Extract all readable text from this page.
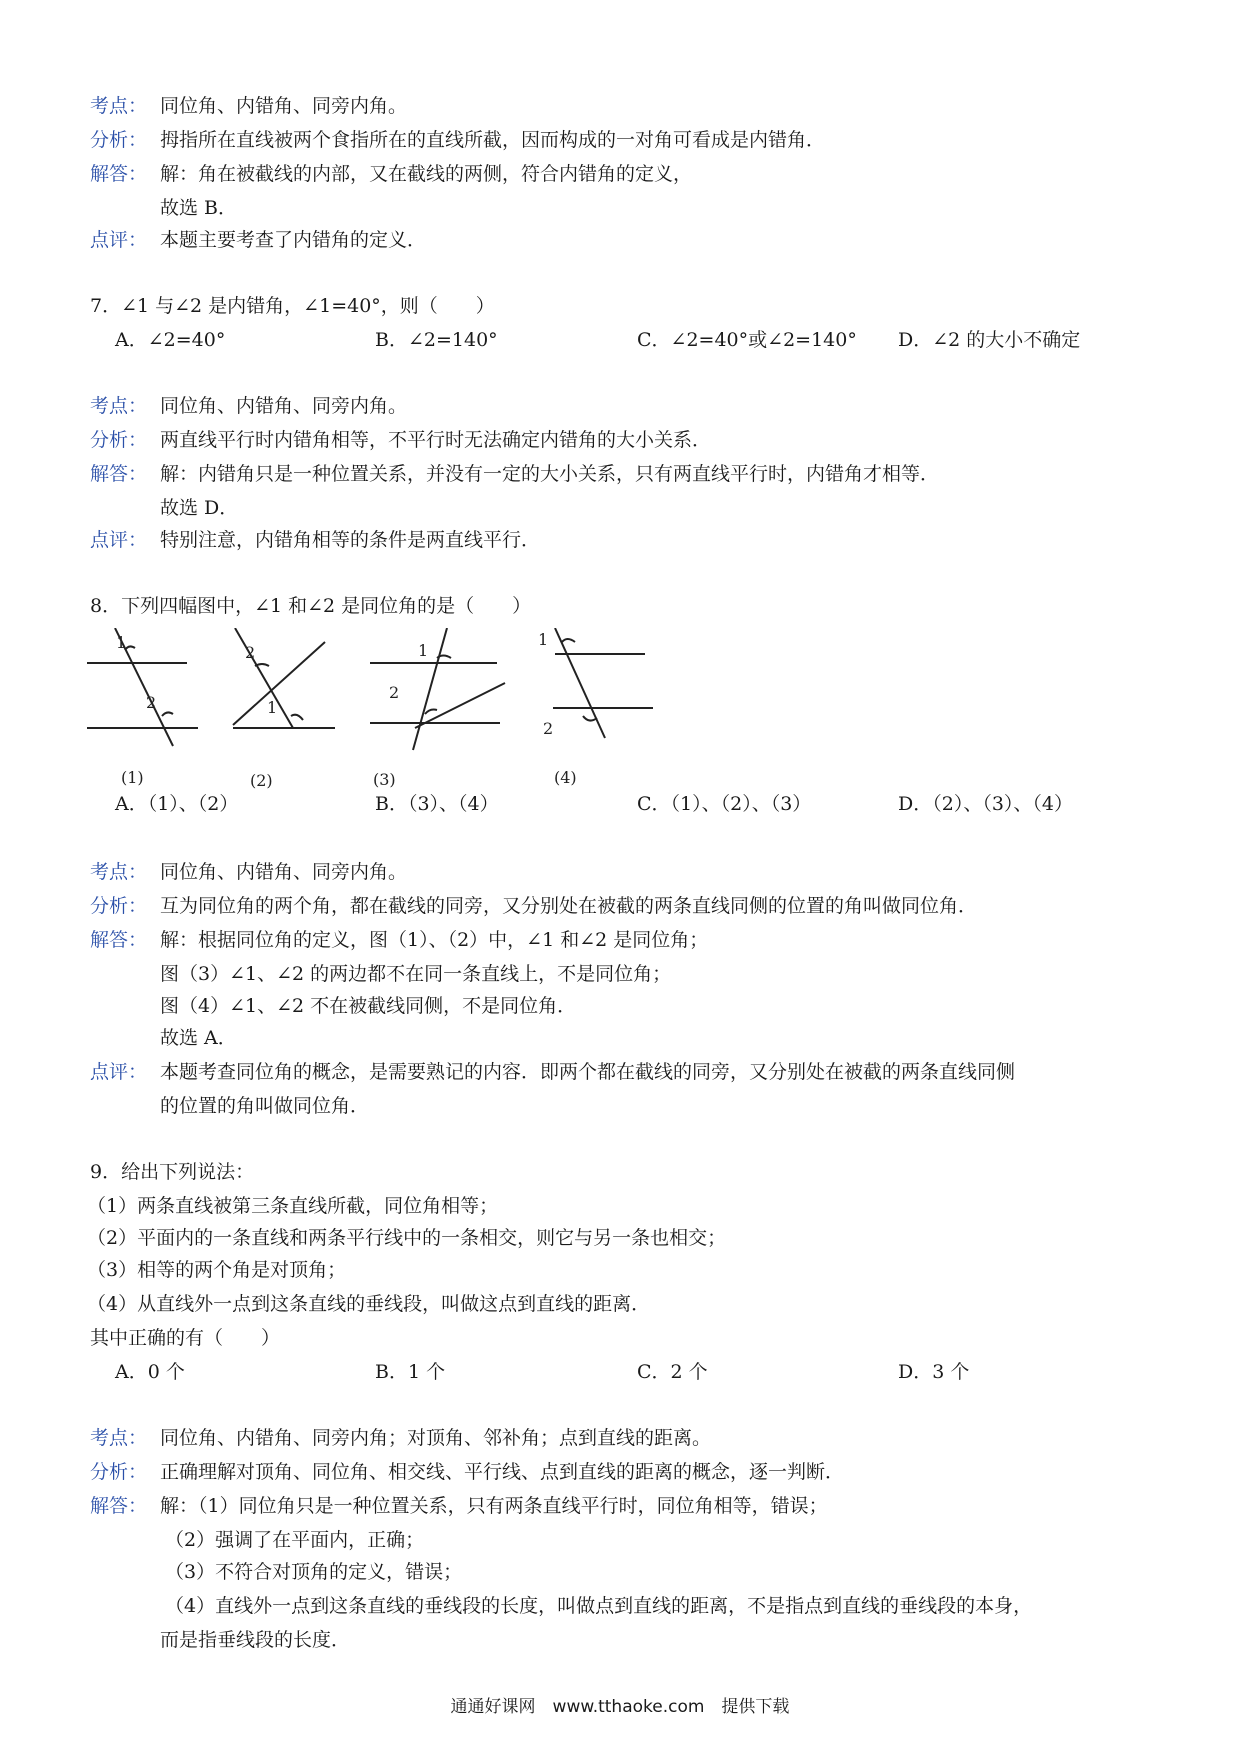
考点： 同位角、内错角、同旁内角。
分析： 拇指所在直线被两个食指所在的直线所截，因而构成的一对角可看成是内错角．
解答： 解：角在被截线的内部，又在截线的两侧，符合内错角的定义，
故选 B．
点评： 本题主要考查了内错角的定义．
7．∠1 与∠2 是内错角，∠1=40°，则（　　）
A．∠2=40°	B．∠2=140°	C．∠2=40°或∠2=140° D．∠2 的大小不确定
考点： 同位角、内错角、同旁内角。
分析： 两直线平行时内错角相等，不平行时无法确定内错角的大小关系．
解答： 解：内错角只是一种位置关系，并没有一定的大小关系，只有两直线平行时，内错角才相等．
故选 D．
点评： 特别注意，内错角相等的条件是两直线平行．
8．下列四幅图中，∠1 和∠2 是同位角的是（　　）
1
2
(1)
2
1
(2)
1
2
(3)
1
2
(4)
A．（1）、（2）	B．（3）、（4）	C．（1）、（2）、（3）	D．（2）、（3）、（4）
考点： 同位角、内错角、同旁内角。
分析： 互为同位角的两个角，都在截线的同旁，又分别处在被截的两条直线同侧的位置的角叫做同位角．
解答： 解：根据同位角的定义，图（1）、（2）中，∠1 和∠2 是同位角；
图（3）∠1、∠2 的两边都不在同一条直线上，不是同位角；
图（4）∠1、∠2 不在被截线同侧，不是同位角．
故选 A．
点评： 本题考查同位角的概念，是需要熟记的内容．即两个都在截线的同旁，又分别处在被截的两条直线同侧
的位置的角叫做同位角．
9．给出下列说法：
（1）两条直线被第三条直线所截，同位角相等；
（2）平面内的一条直线和两条平行线中的一条相交，则它与另一条也相交；
（3）相等的两个角是对顶角；
（4）从直线外一点到这条直线的垂线段，叫做这点到直线的距离．
其中正确的有（　　）
A．0 个	B．1 个	C．2 个	D．3 个
考点： 同位角、内错角、同旁内角；对顶角、邻补角；点到直线的距离。
分析： 正确理解对顶角、同位角、相交线、平行线、点到直线的距离的概念，逐一判断．
解答： 解：（1）同位角只是一种位置关系，只有两条直线平行时，同位角相等，错误；
（2）强调了在平面内，正确；
（3）不符合对顶角的定义，错误；
（4）直线外一点到这条直线的垂线段的长度，叫做点到直线的距离，不是指点到直线的垂线段的本身，
而是指垂线段的长度．
通通好课网　www.tthaoke.com　提供下载
